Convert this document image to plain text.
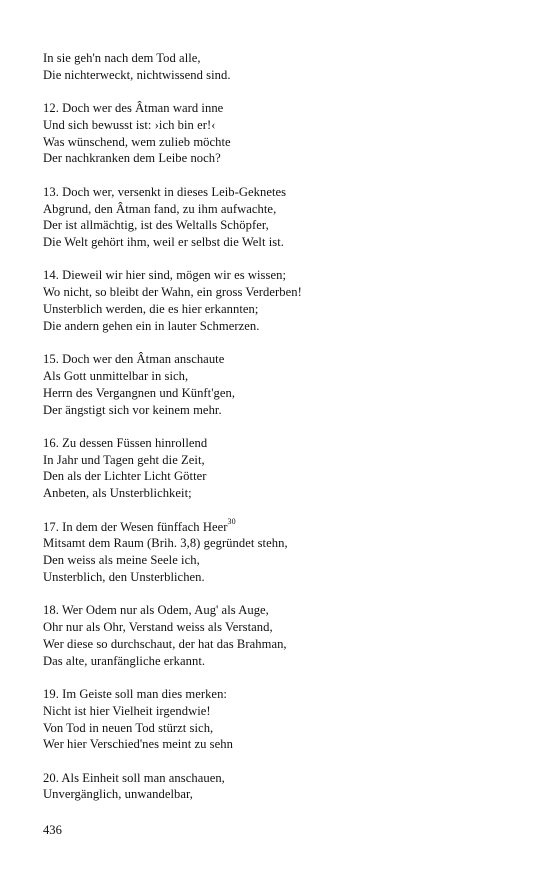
In sie geh'n nach dem Tod alle,
Die nichterweckt, nichtwissend sind.
12. Doch wer des Âtman ward inne
Und sich bewusst ist: ›ich bin er!‹
Was wünschend, wem zulieb möchte
Der nachkranken dem Leibe noch?
13. Doch wer, versenkt in dieses Leib-Geknetes
Abgrund, den Âtman fand, zu ihm aufwachte,
Der ist allmächtig, ist des Weltalls Schöpfer,
Die Welt gehört ihm, weil er selbst die Welt ist.
14. Dieweil wir hier sind, mögen wir es wissen;
Wo nicht, so bleibt der Wahn, ein gross Verderben!
Unsterblich werden, die es hier erkannten;
Die andern gehen ein in lauter Schmerzen.
15. Doch wer den Âtman anschaute
Als Gott unmittelbar in sich,
Herrn des Vergangnen und Künft'gen,
Der ängstigt sich vor keinem mehr.
16. Zu dessen Füssen hinrollend
In Jahr und Tagen geht die Zeit,
Den als der Lichter Licht Götter
Anbeten, als Unsterblichkeit;
17. In dem der Wesen fünffach Heer$^{30}$
Mitsamt dem Raum (Brih. 3,8) gegründet stehn,
Den weiss als meine Seele ich,
Unsterblich, den Unsterblichen.
18. Wer Odem nur als Odem, Aug' als Auge,
Ohr nur als Ohr, Verstand weiss als Verstand,
Wer diese so durchschaut, der hat das Brahman,
Das alte, uranfängliche erkannt.
19. Im Geiste soll man dies merken:
Nicht ist hier Vielheit irgendwie!
Von Tod in neuen Tod stürzt sich,
Wer hier Verschied'nes meint zu sehn
20. Als Einheit soll man anschauen,
Unvergänglich, unwandelbar,
436
